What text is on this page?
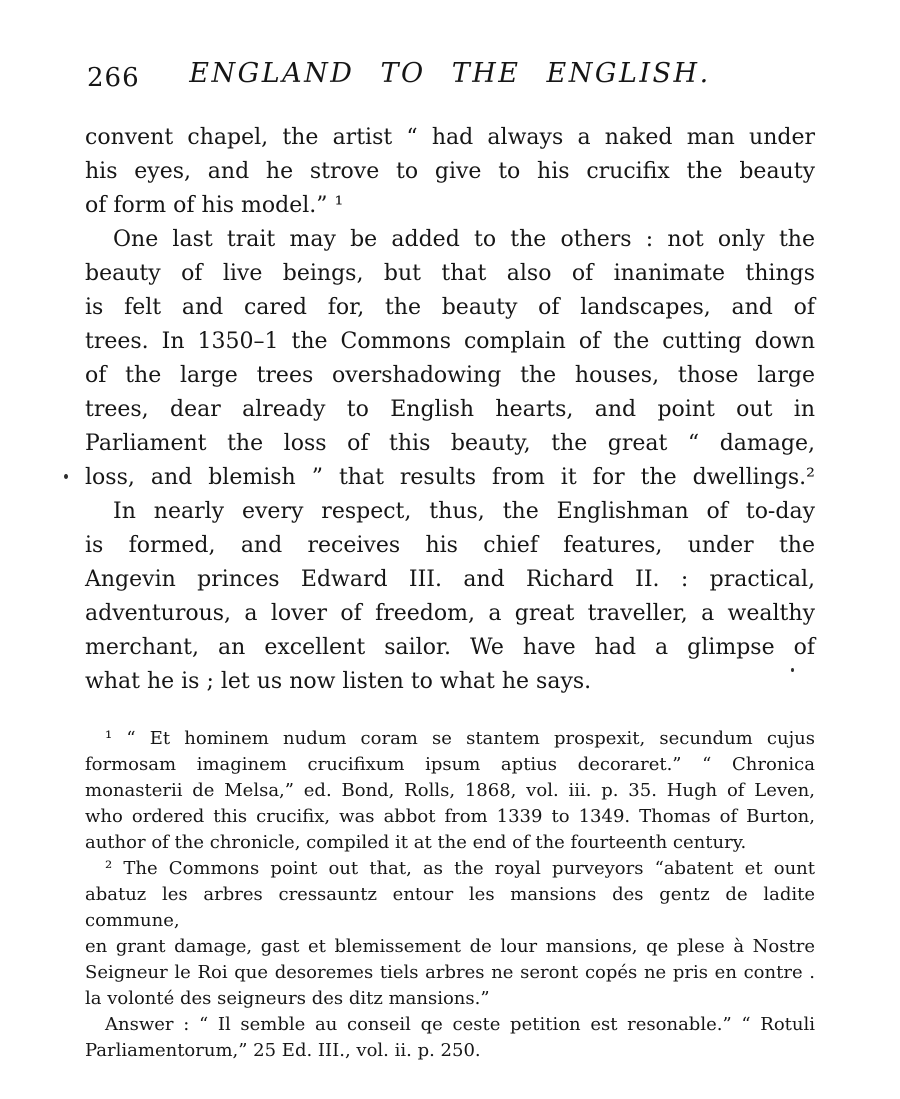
266	ENGLAND TO THE ENGLISH.
convent chapel, the artist “ had always a naked man under
his eyes, and he strove to give to his crucifix the beauty
of form of his model.” ¹
One last trait may be added to the others : not only the
beauty of live beings, but that also of inanimate things
is felt and cared for, the beauty of landscapes, and of
trees. In 1350–1 the Commons complain of the cutting down
of the large trees overshadowing the houses, those large
trees, dear already to English hearts, and point out in
Parliament the loss of this beauty, the great “ damage,
loss, and blemish ” that results from it for the dwellings.²
In nearly every respect, thus, the Englishman of to-day
is formed, and receives his chief features, under the
Angevin princes Edward III. and Richard II. : practical,
adventurous, a lover of freedom, a great traveller, a wealthy
merchant, an excellent sailor. We have had a glimpse of
what he is ; let us now listen to what he says.
¹ “ Et hominem nudum coram se stantem prospexit, secundum cujus
formosam imaginem crucifixum ipsum aptius decoraret.” “ Chronica
monasterii de Melsa,” ed. Bond, Rolls, 1868, vol. iii. p. 35. Hugh of Leven,
who ordered this crucifix, was abbot from 1339 to 1349. Thomas of Burton,
author of the chronicle, compiled it at the end of the fourteenth century.
² The Commons point out that, as the royal purveyors “abatent et ount
abatuz les arbres cressauntz entour les mansions des gentz de ladite commune,
en grant damage, gast et blemissement de lour mansions, qe plese à Nostre
Seigneur le Roi que desoremes tiels arbres ne seront copés ne pris en contre .
la volonté des seigneurs des ditz mansions.”
Answer : “ Il semble au conseil qe ceste petition est resonable.” “ Rotuli
Parliamentorum,” 25 Ed. III., vol. ii. p. 250.
